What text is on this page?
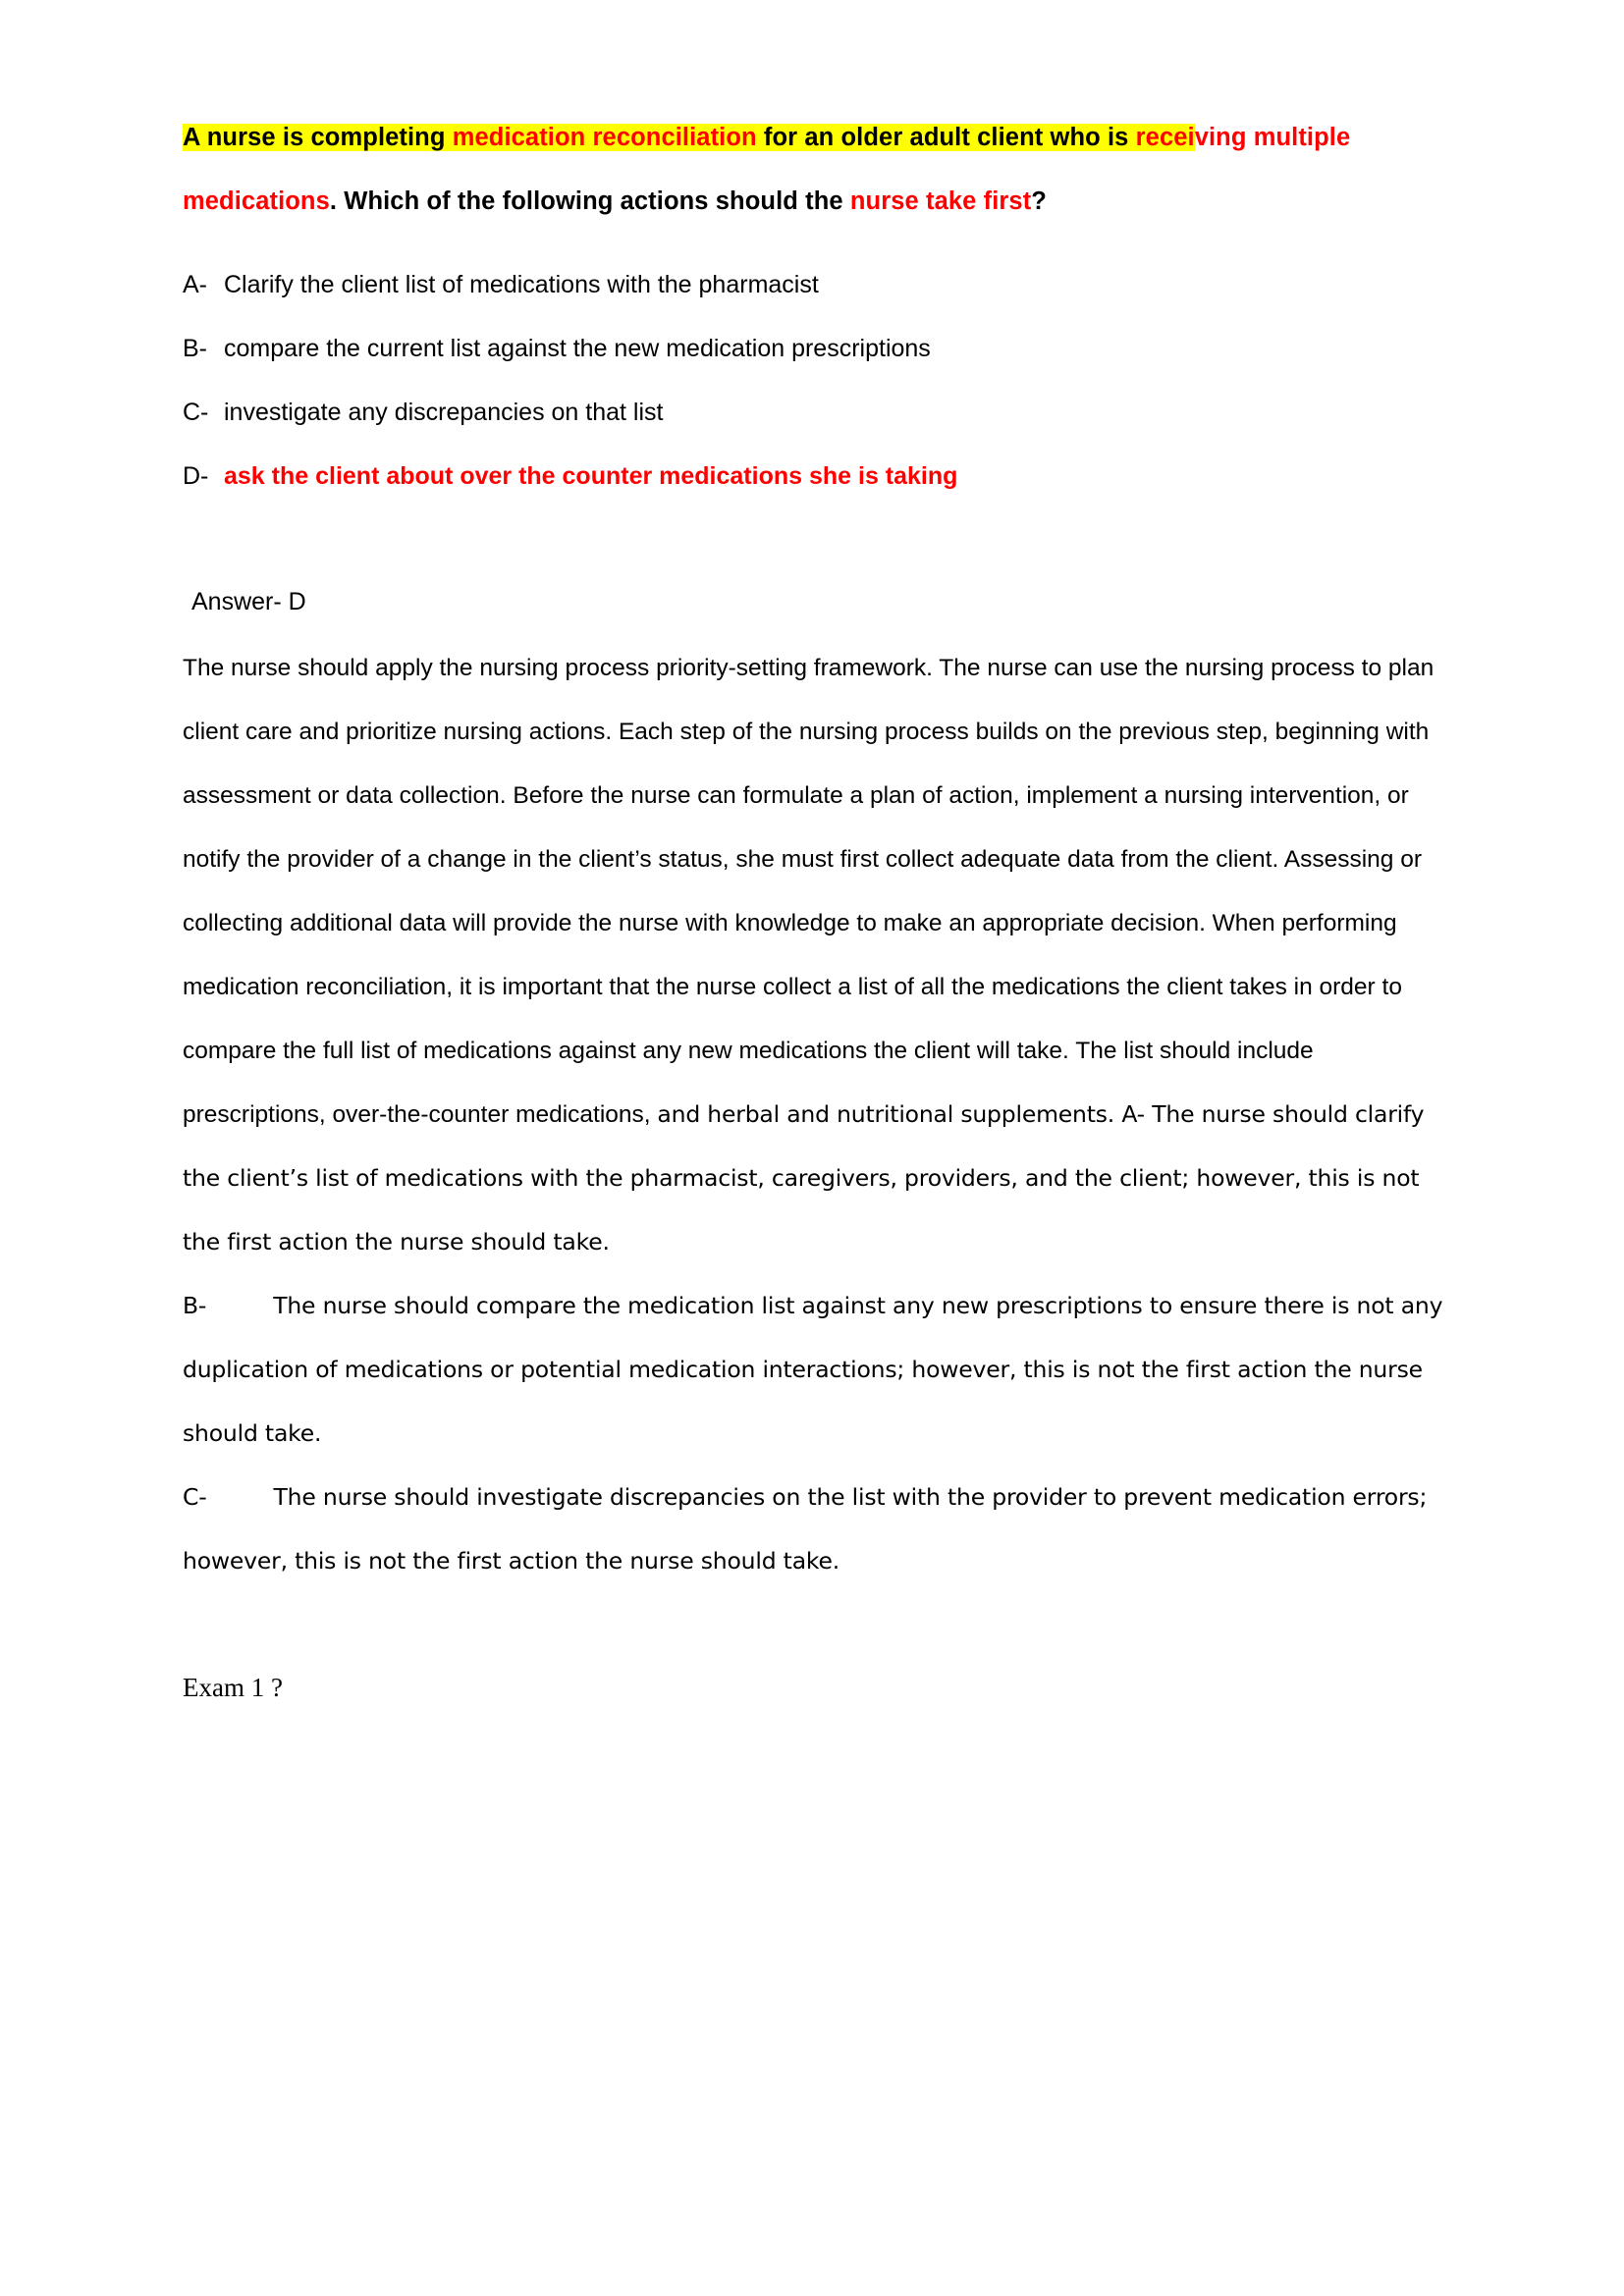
A nurse is completing medication reconciliation for an older adult client who is receiving multiple medications. Which of the following actions should the nurse take first?
A- Clarify the client list of medications with the pharmacist
B- compare the current list against the new medication prescriptions
C- investigate any discrepancies on that list
D- ask the client about over the counter medications she is taking
Answer- D
The nurse should apply the nursing process priority-setting framework. The nurse can use the nursing process to plan client care and prioritize nursing actions. Each step of the nursing process builds on the previous step, beginning with assessment or data collection. Before the nurse can formulate a plan of action, implement a nursing intervention, or notify the provider of a change in the client’s status, she must first collect adequate data from the client. Assessing or collecting additional data will provide the nurse with knowledge to make an appropriate decision. When performing medication reconciliation, it is important that the nurse collect a list of all the medications the client takes in order to compare the full list of medications against any new medications the client will take. The list should include prescriptions, over-the-counter medications, and herbal and nutritional supplements. A- The nurse should clarify the client’s list of medications with the pharmacist, caregivers, providers, and the client; however, this is not the first action the nurse should take.
B-	The nurse should compare the medication list against any new prescriptions to ensure there is not any duplication of medications or potential medication interactions; however, this is not the first action the nurse should take.
C-	The nurse should investigate discrepancies on the list with the provider to prevent medication errors; however, this is not the first action the nurse should take.
Exam 1 ?
